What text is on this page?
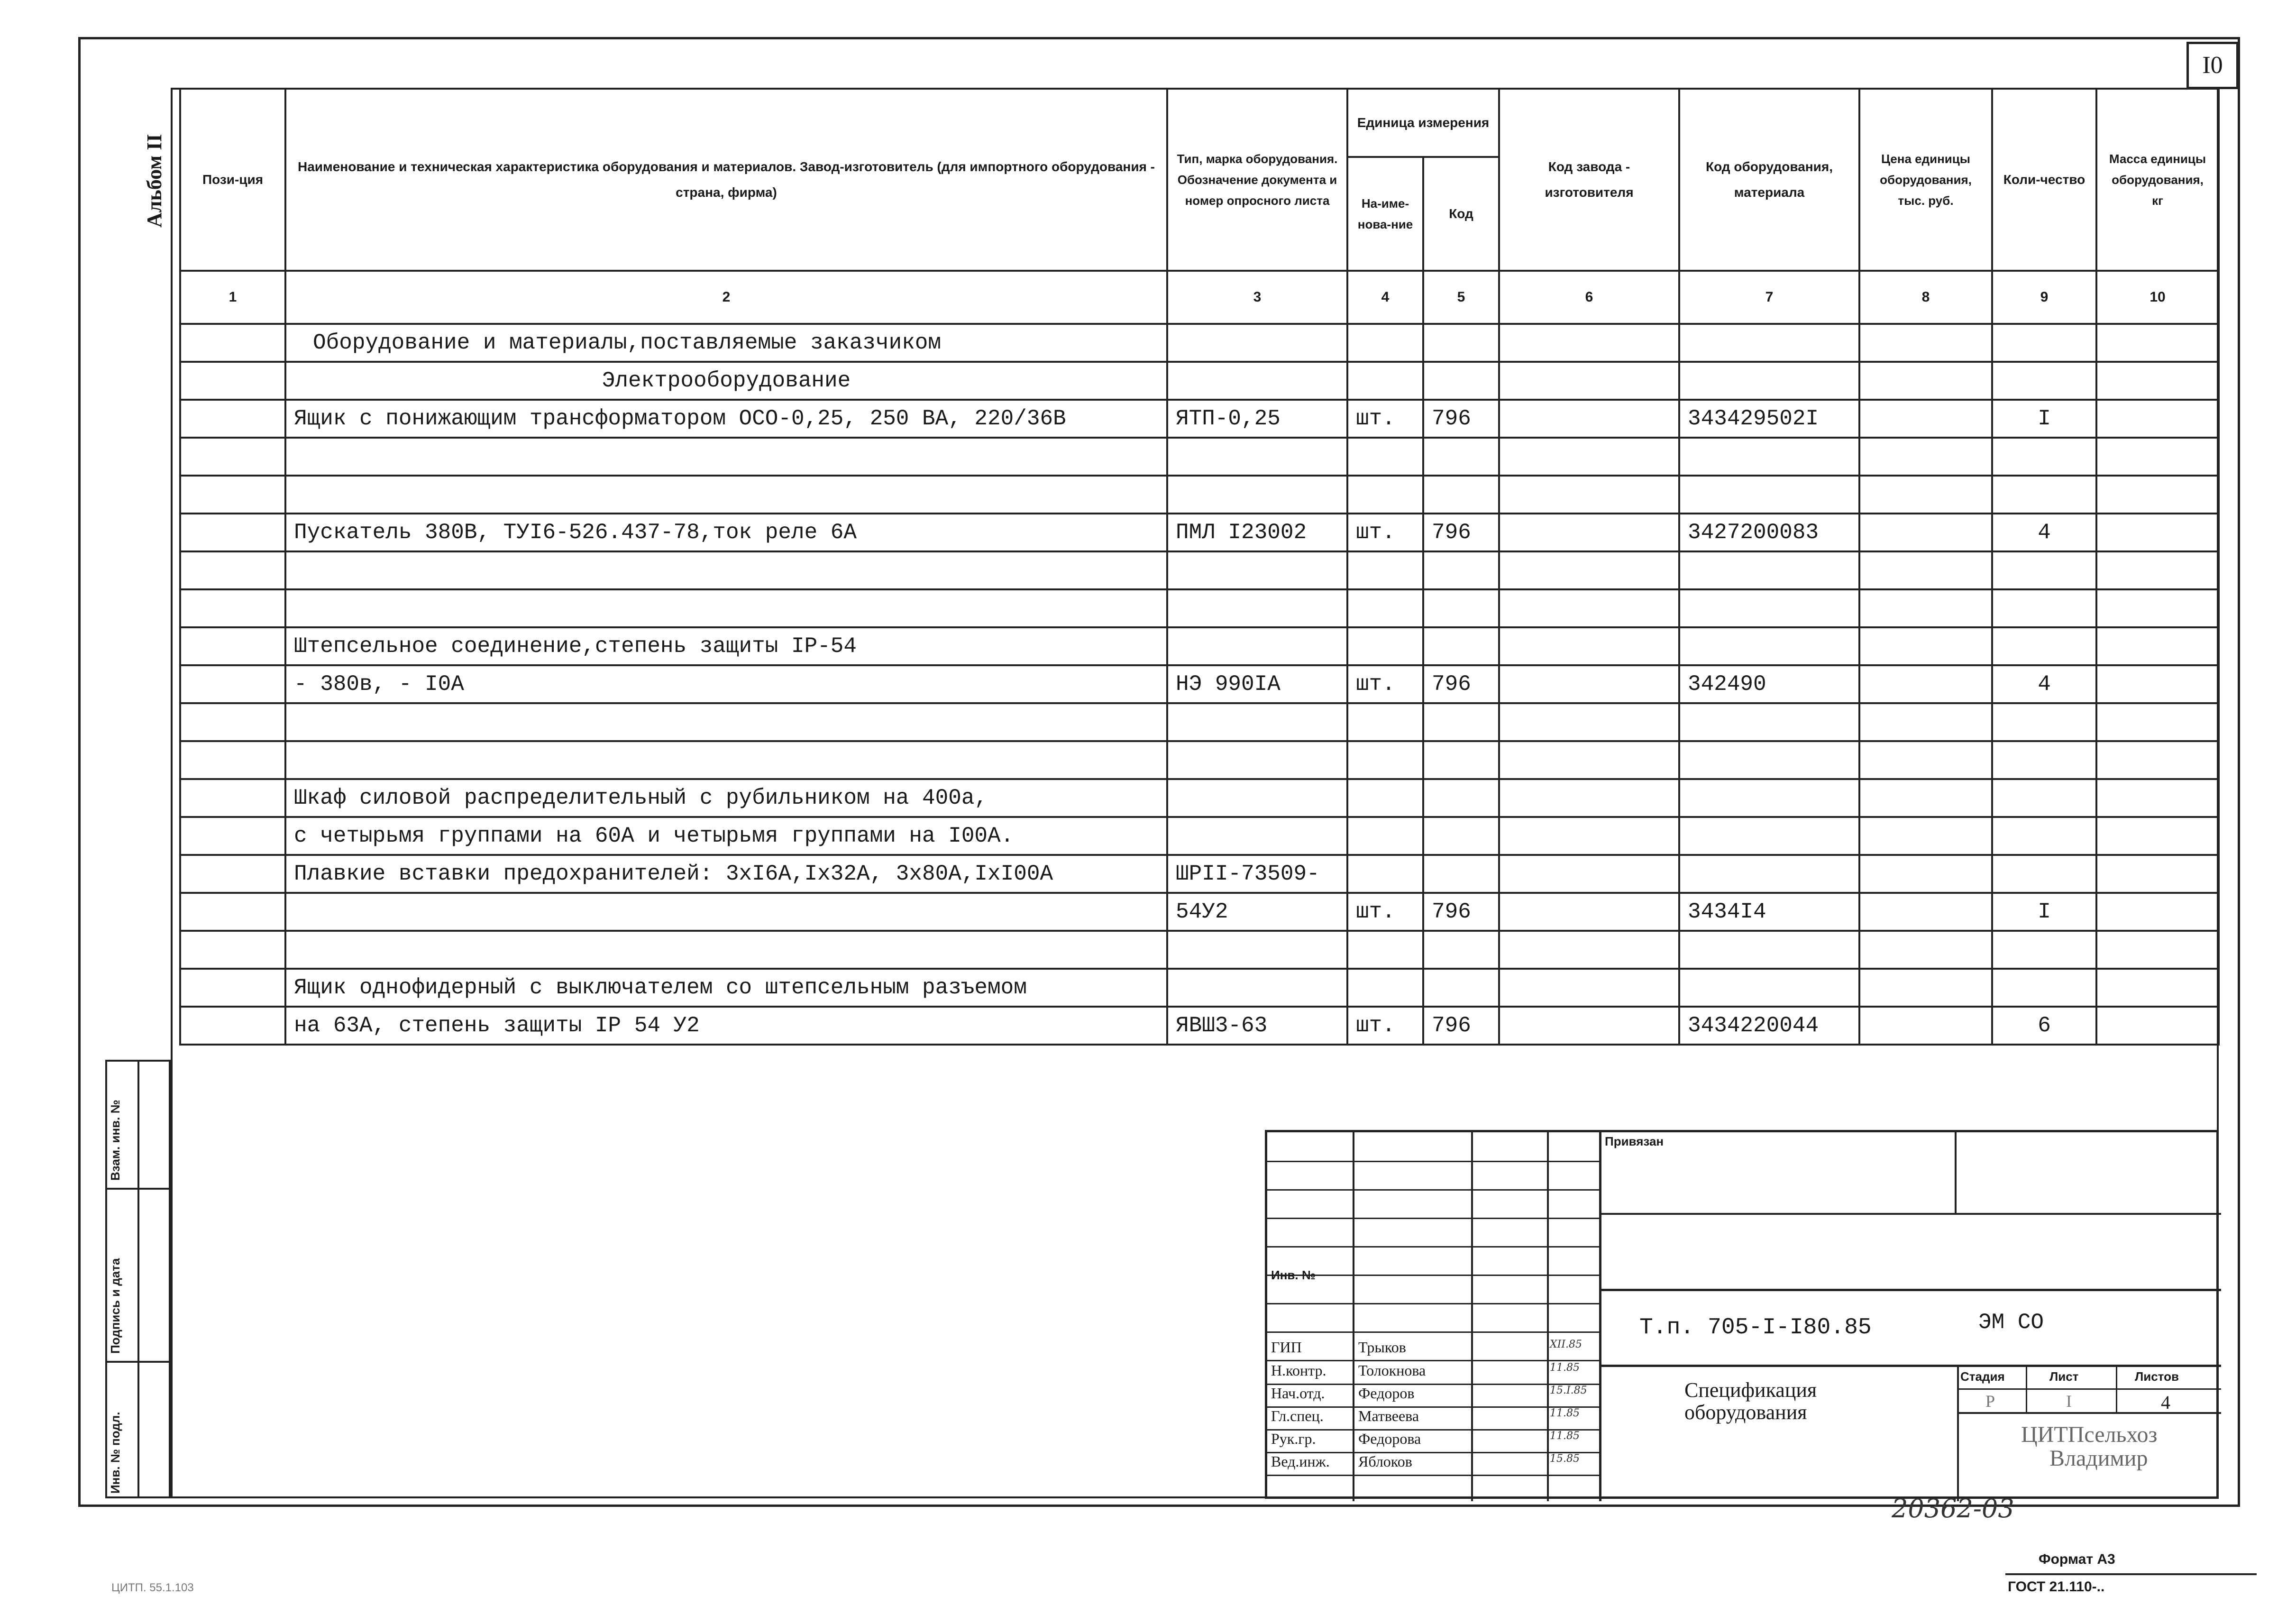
I0
Альбом II
Взам. инв. №
Подпись и дата
Инв. № подл.
Пози-ция	Наименование и техническая характеристика оборудования и материалов. Завод-изготовитель (для импортного оборудования - страна, фирма)	Тип, марка оборудования. Обозначение документа и номер опросного листа	Единица измерения		Код завода - изготовителя	Код оборудования, материала	Цена единицы оборудования, тыс. руб.	Коли-чество	Масса единицы оборудования, кг
			На-име-нова-ние	Код					
1	2	3	4	5	6	7	8	9	10
	Оборудование и материалы,поставляемые заказчиком								
	Электрооборудование								
	Ящик с понижающим трансформатором ОСО-0,25, 250 ВА, 220/36В	ЯТП-0,25	шт.	796		343429502I		I	

	Пускатель 380В, ТУI6-526.437-78,ток реле 6А	ПМЛ I23002	шт.	796		3427200083		4	

	Штепсельное соединение,степень защиты IP-54								
	- 380в, - I0А	НЭ 990IA	шт.	796		342490		4	

	Шкаф силовой распределительный с рубильником на 400а,								
	с четырьмя группами на 60А и четырьмя группами на I00А.								
	Плавкие вставки предохранителей: 3хI6А,Iх32А, 3х80А,IхI00А	ШРII-73509-							
		54У2	шт.	796		3434I4		I	

	Ящик однофидерный с выключателем со штепсельным разъемом								
	на 63А, степень защиты IP 54 У2	ЯВШ3-63	шт.	796		3434220044		6	
Привязан
Инв. №
Т.п. 705-I-I80.85	ЭМ СО
Спецификация
оборудования
Стадия	Лист	Листов
Р	I	4
ЦИТПсельхоз
Владимир
ГИП	Трыков	XII.85
Н.контр. Толокнова	11.85
Нач.отд. Федоров	15.I.85
Гл.спец. Матвеева	11.85
Рук.гр.	Федорова	11.85
Вед.инж. Яблоков	15.85
20362-03
Формат А3
ГОСТ 21.110-..
ЦИТП. 55.1.103
